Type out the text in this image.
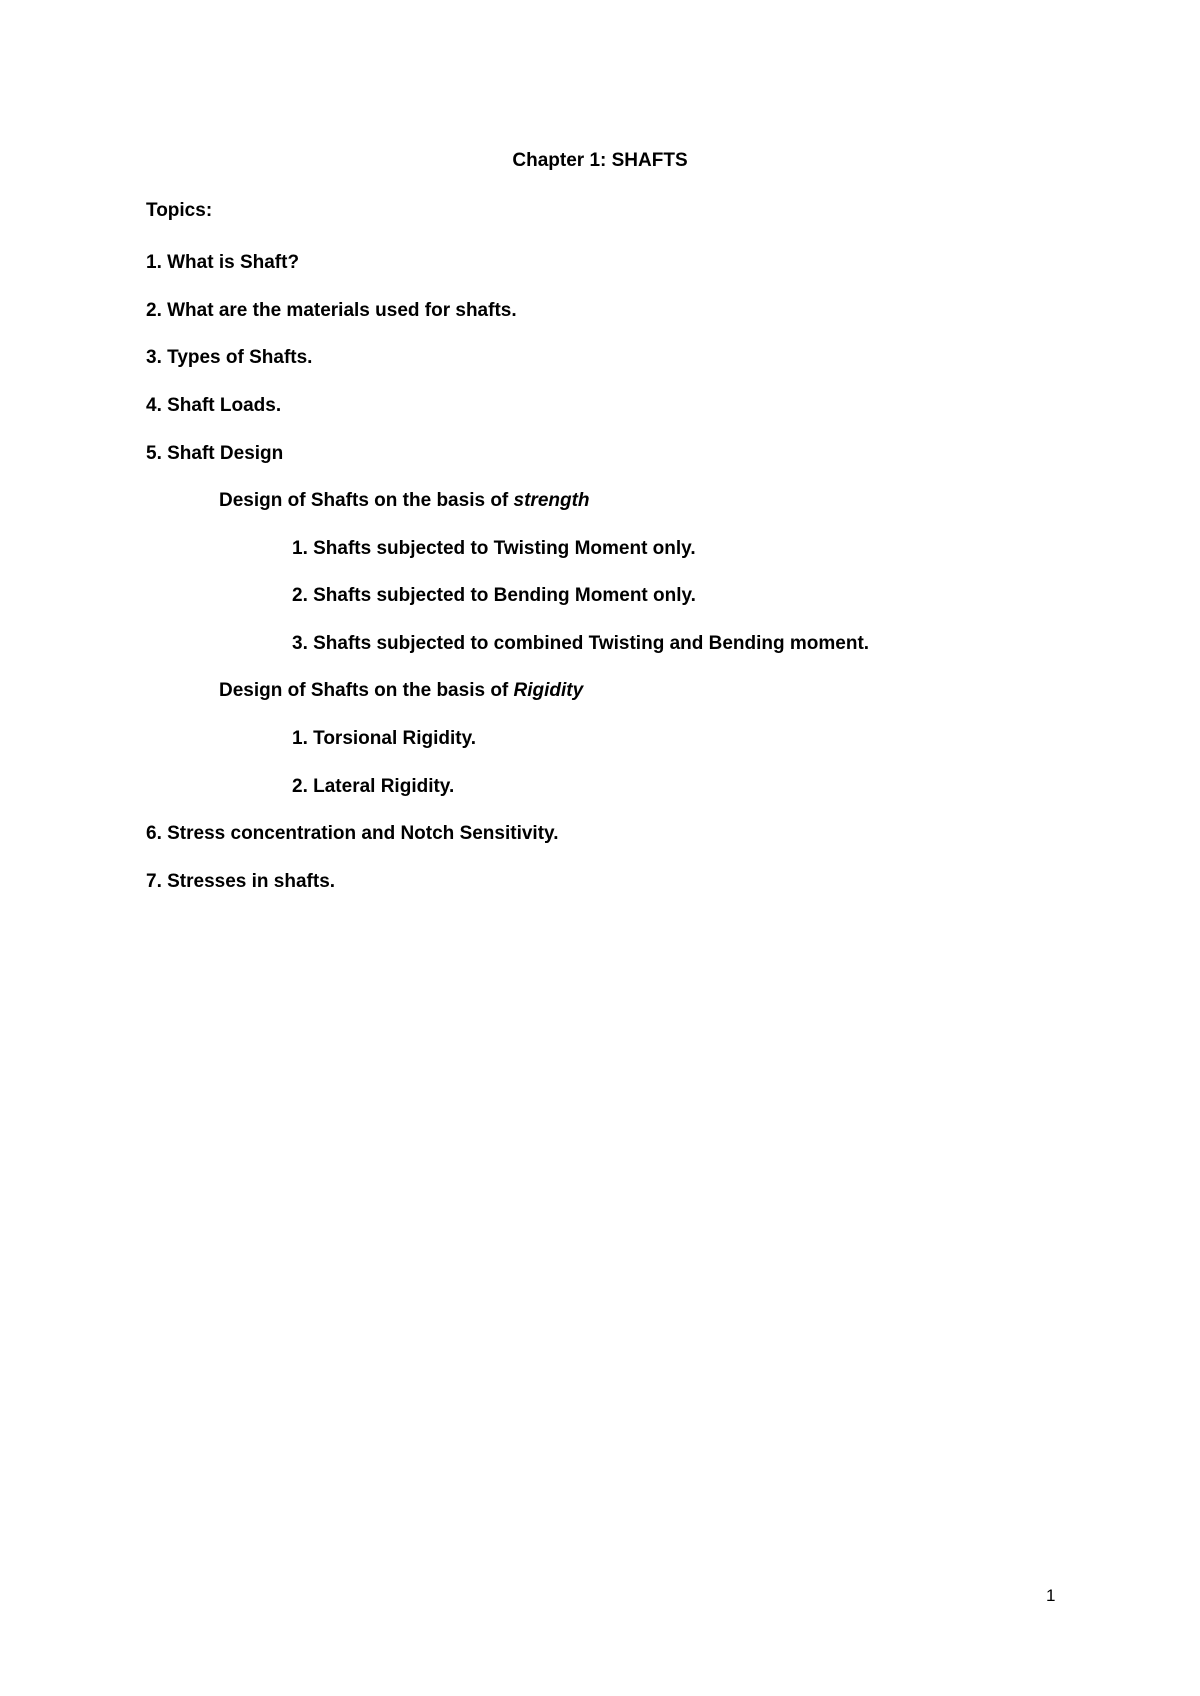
Chapter 1: SHAFTS
Topics:
1. What is Shaft?
2. What are the materials used for shafts.
3. Types of Shafts.
4. Shaft Loads.
5. Shaft Design
Design of Shafts on the basis of strength
1. Shafts subjected to Twisting Moment only.
2. Shafts subjected to Bending Moment only.
3. Shafts subjected to combined Twisting and Bending moment.
Design of Shafts on the basis of Rigidity
1. Torsional Rigidity.
2. Lateral Rigidity.
6. Stress concentration and Notch Sensitivity.
7. Stresses in shafts.
1
